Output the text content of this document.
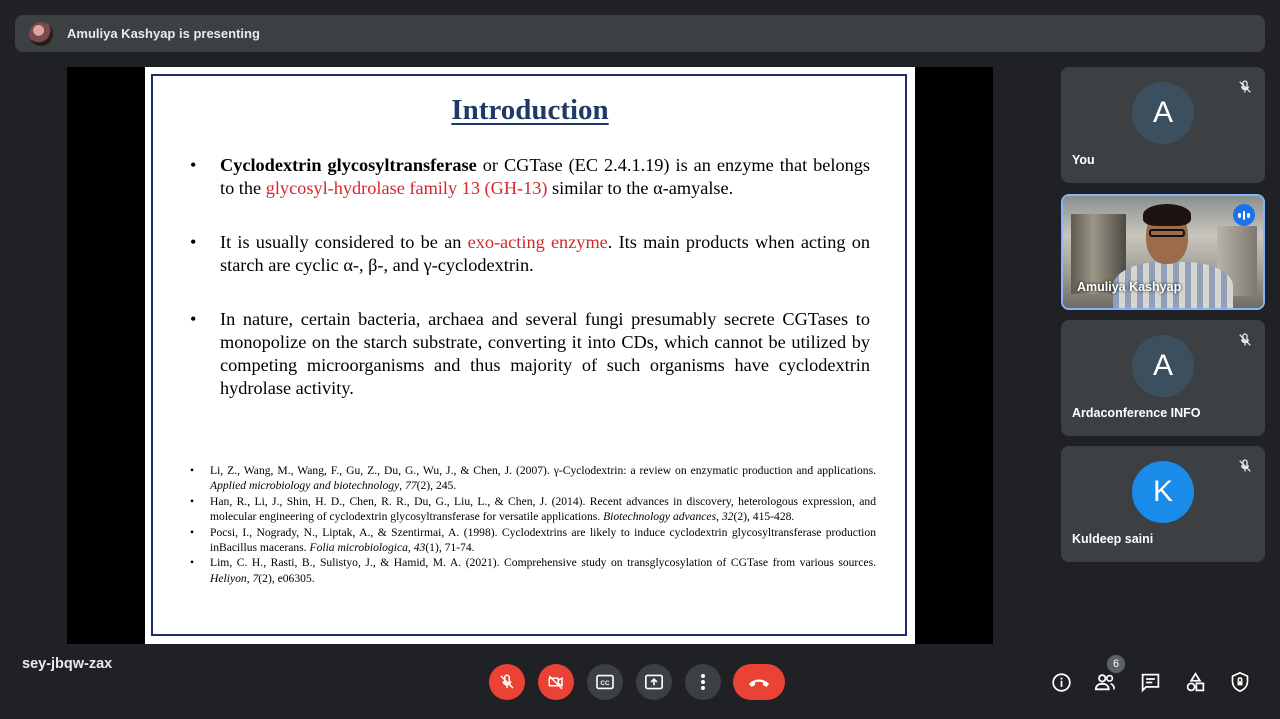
Amuliya Kashyap is presenting
Introduction
•	Cyclodextrin glycosyltransferase or CGTase (EC 2.4.1.19) is an enzyme that belongs to the glycosyl-hydrolase family 13 (GH-13) similar to the α-amyalse.
•	It is usually considered to be an exo-acting enzyme. Its main products when acting on starch are cyclic α-, β-, and γ-cyclodextrin.
•	In nature, certain bacteria, archaea and several fungi presumably secrete CGTases to monopolize on the starch substrate, converting it into CDs, which cannot be utilized by competing microorganisms and thus majority of such organisms have cyclodextrin hydrolase activity.
•	Li, Z., Wang, M., Wang, F., Gu, Z., Du, G., Wu, J., & Chen, J. (2007). γ-Cyclodextrin: a review on enzymatic production and applications. Applied microbiology and biotechnology, 77(2), 245.
•	Han, R., Li, J., Shin, H. D., Chen, R. R., Du, G., Liu, L., & Chen, J. (2014). Recent advances in discovery, heterologous expression, and molecular engineering of cyclodextrin glycosyltransferase for versatile applications. Biotechnology advances, 32(2), 415-428.
•	Pocsi, I., Nogrady, N., Liptak, A., & Szentirmai, A. (1998). Cyclodextrins are likely to induce cyclodextrin glycosyltransferase production inBacillus macerans. Folia microbiologica, 43(1), 71-74.
•	Lim, C. H., Rasti, B., Sulistyo, J., & Hamid, M. A. (2021). Comprehensive study on transglycosylation of CGTase from various sources. Heliyon, 7(2), e06305.
A
You
Amuliya Kashyap
A
Ardaconference INFO
K
Kuldeep saini
sey-jbqw-zax
CC
6
